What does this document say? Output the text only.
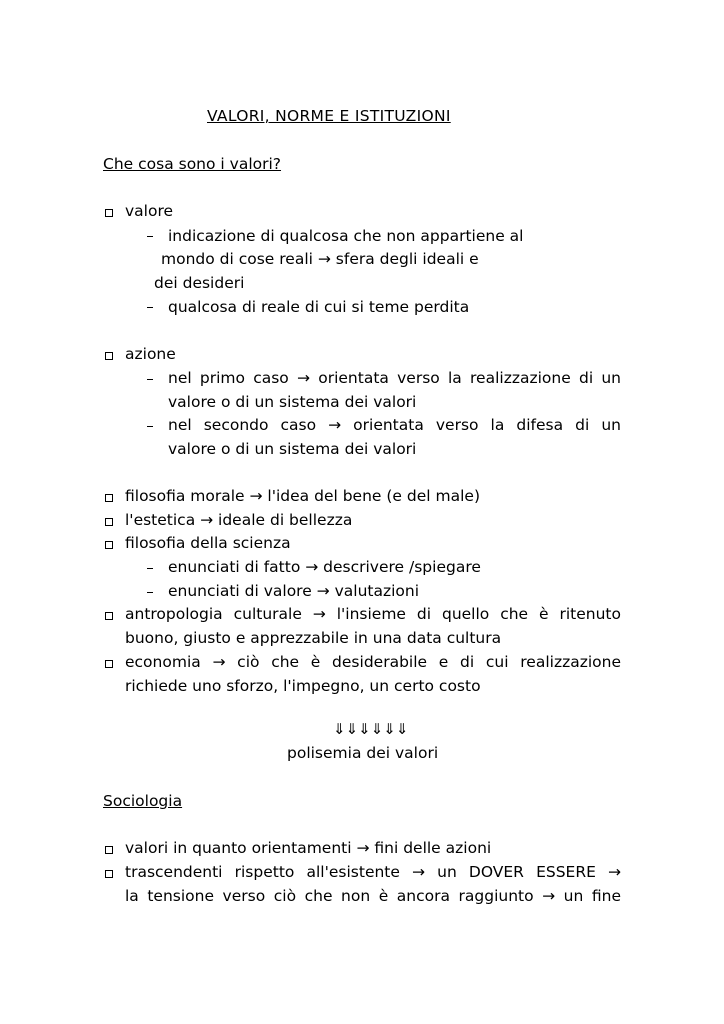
VALORI, NORME E ISTITUZIONI
Che cosa sono i valori?
valore
indicazione di qualcosa che non appartiene al
mondo di cose reali → sfera degli ideali e
dei desideri
qualcosa di reale di cui si teme perdita
azione
nel primo caso → orientata verso la realizzazione di un
valore o di un sistema dei valori
nel secondo caso → orientata verso la difesa di un
valore o di un sistema dei valori
filosofia morale → l'idea del bene (e del male)
l'estetica → ideale di bellezza
filosofia della scienza
enunciati di fatto → descrivere /spiegare
enunciati di valore → valutazioni
antropologia culturale → l'insieme di quello che è ritenuto
buono, giusto e apprezzabile in una data cultura
economia → ciò che è desiderabile e di cui realizzazione
richiede uno sforzo, l'impegno, un certo costo
⇓⇓⇓⇓⇓⇓
polisemia dei valori
Sociologia
valori in quanto orientamenti → fini delle azioni
trascendenti rispetto all'esistente → un DOVER ESSERE →
la tensione verso ciò che non è ancora raggiunto → un fine
